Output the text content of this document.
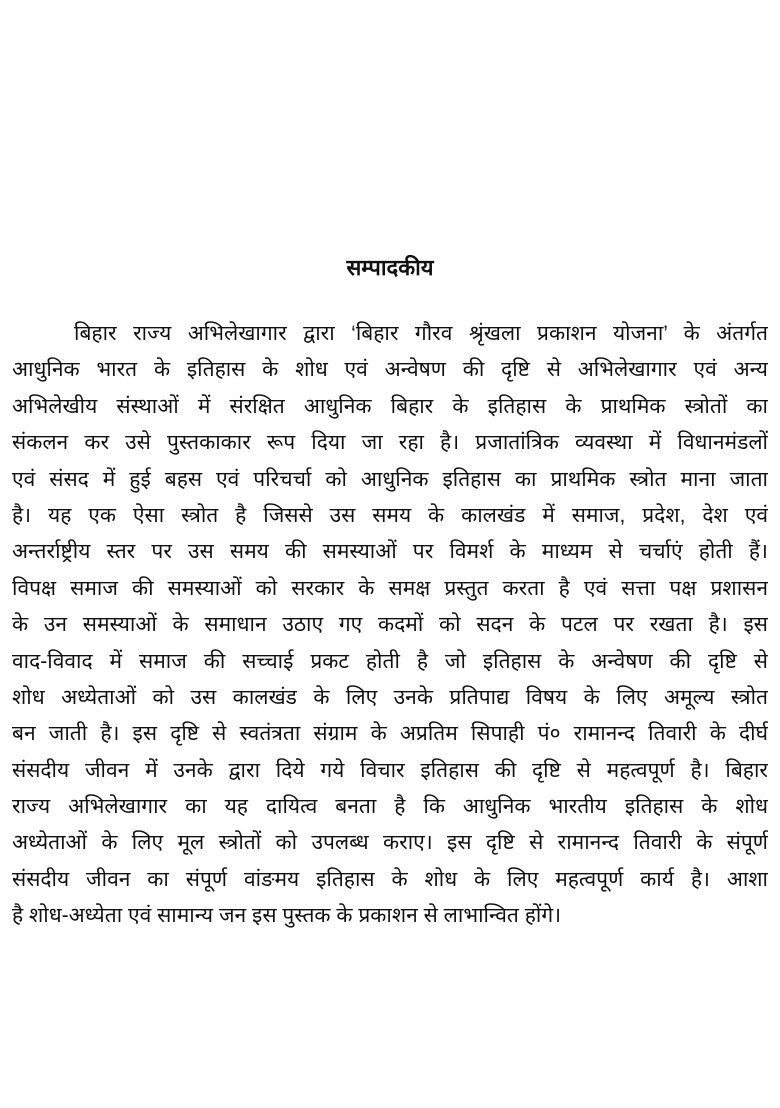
सम्पादकीय
बिहार राज्य अभिलेखागार द्वारा ‘बिहार गौरव श्रृंखला प्रकाशन योजना’ के अंतर्गत
आधुनिक भारत के इतिहास के शोध एवं अन्वेषण की दृष्टि से अभिलेखागार एवं अन्य
अभिलेखीय संस्थाओं में संरक्षित आधुनिक बिहार के इतिहास के प्राथमिक स्त्रोतों का
संकलन कर उसे पुस्तकाकार रूप दिया जा रहा है। प्रजातांत्रिक व्यवस्था में विधानमंडलों
एवं संसद में हुई बहस एवं परिचर्चा को आधुनिक इतिहास का प्राथमिक स्त्रोत माना जाता
है। यह एक ऐसा स्त्रोत है जिससे उस समय के कालखंड में समाज, प्रदेश, देश एवं
अन्तर्राष्ट्रीय स्तर पर उस समय की समस्याओं पर विमर्श के माध्यम से चर्चाएं होती हैं।
विपक्ष समाज की समस्याओं को सरकार के समक्ष प्रस्तुत करता है एवं सत्ता पक्ष प्रशासन
के उन समस्याओं के समाधान उठाए गए कदमों को सदन के पटल पर रखता है। इस
वाद-विवाद में समाज की सच्चाई प्रकट होती है जो इतिहास के अन्वेषण की दृष्टि से
शोध अध्येताओं को उस कालखंड के लिए उनके प्रतिपाद्य विषय के लिए अमूल्य स्त्रोत
बन जाती है। इस दृष्टि से स्वतंत्रता संग्राम के अप्रतिम सिपाही पं० रामानन्द तिवारी के दीर्घ
संसदीय जीवन में उनके द्वारा दिये गये विचार इतिहास की दृष्टि से महत्वपूर्ण है। बिहार
राज्य अभिलेखागार का यह दायित्व बनता है कि आधुनिक भारतीय इतिहास के शोध
अध्येताओं के लिए मूल स्त्रोतों को उपलब्ध कराए। इस दृष्टि से रामानन्द तिवारी के संपूर्ण
संसदीय जीवन का संपूर्ण वांङमय इतिहास के शोध के लिए महत्वपूर्ण कार्य है। आशा
है शोध-अध्येता एवं सामान्य जन इस पुस्तक के प्रकाशन से लाभान्वित होंगे।
